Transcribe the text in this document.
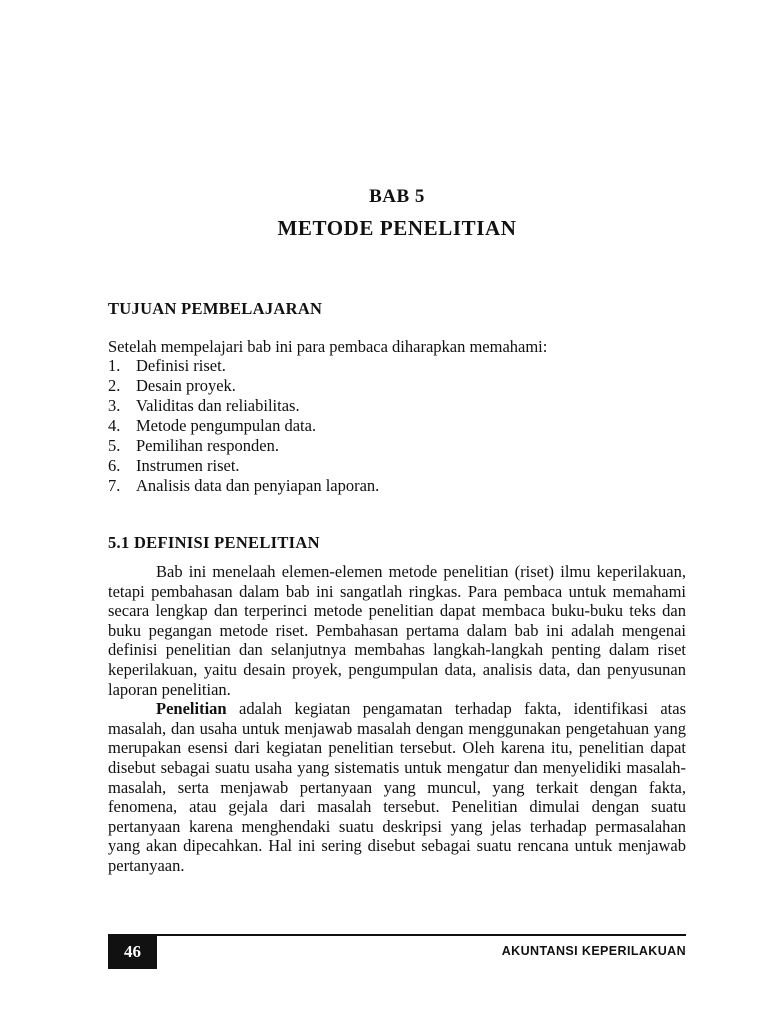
BAB 5
METODE PENELITIAN
TUJUAN PEMBELAJARAN
Setelah mempelajari bab ini para pembaca diharapkan memahami:
1. Definisi riset.
2. Desain proyek.
3. Validitas dan reliabilitas.
4. Metode pengumpulan data.
5. Pemilihan responden.
6. Instrumen riset.
7. Analisis data dan penyiapan laporan.
5.1 DEFINISI PENELITIAN

Bab ini menelaah elemen-elemen metode penelitian (riset) ilmu keperilakuan, tetapi pembahasan dalam bab ini sangatlah ringkas. Para pembaca untuk memahami secara lengkap dan terperinci metode penelitian dapat membaca buku-buku teks dan buku pegangan metode riset. Pembahasan pertama dalam bab ini adalah mengenai definisi penelitian dan selanjutnya membahas langkah-langkah penting dalam riset keperilakuan, yaitu desain proyek, pengumpulan data, analisis data, dan penyusunan laporan penelitian.

Penelitian adalah kegiatan pengamatan terhadap fakta, identifikasi atas masalah, dan usaha untuk menjawab masalah dengan menggunakan pengetahuan yang merupakan esensi dari kegiatan penelitian tersebut. Oleh karena itu, penelitian dapat disebut sebagai suatu usaha yang sistematis untuk mengatur dan menyelidiki masalah-masalah, serta menjawab pertanyaan yang muncul, yang terkait dengan fakta, fenomena, atau gejala dari masalah tersebut. Penelitian dimulai dengan suatu pertanyaan karena menghendaki suatu deskripsi yang jelas terhadap permasalahan yang akan dipecahkan. Hal ini sering disebut sebagai suatu rencana untuk menjawab pertanyaan.

46	AKUNTANSI KEPERILAKUAN
